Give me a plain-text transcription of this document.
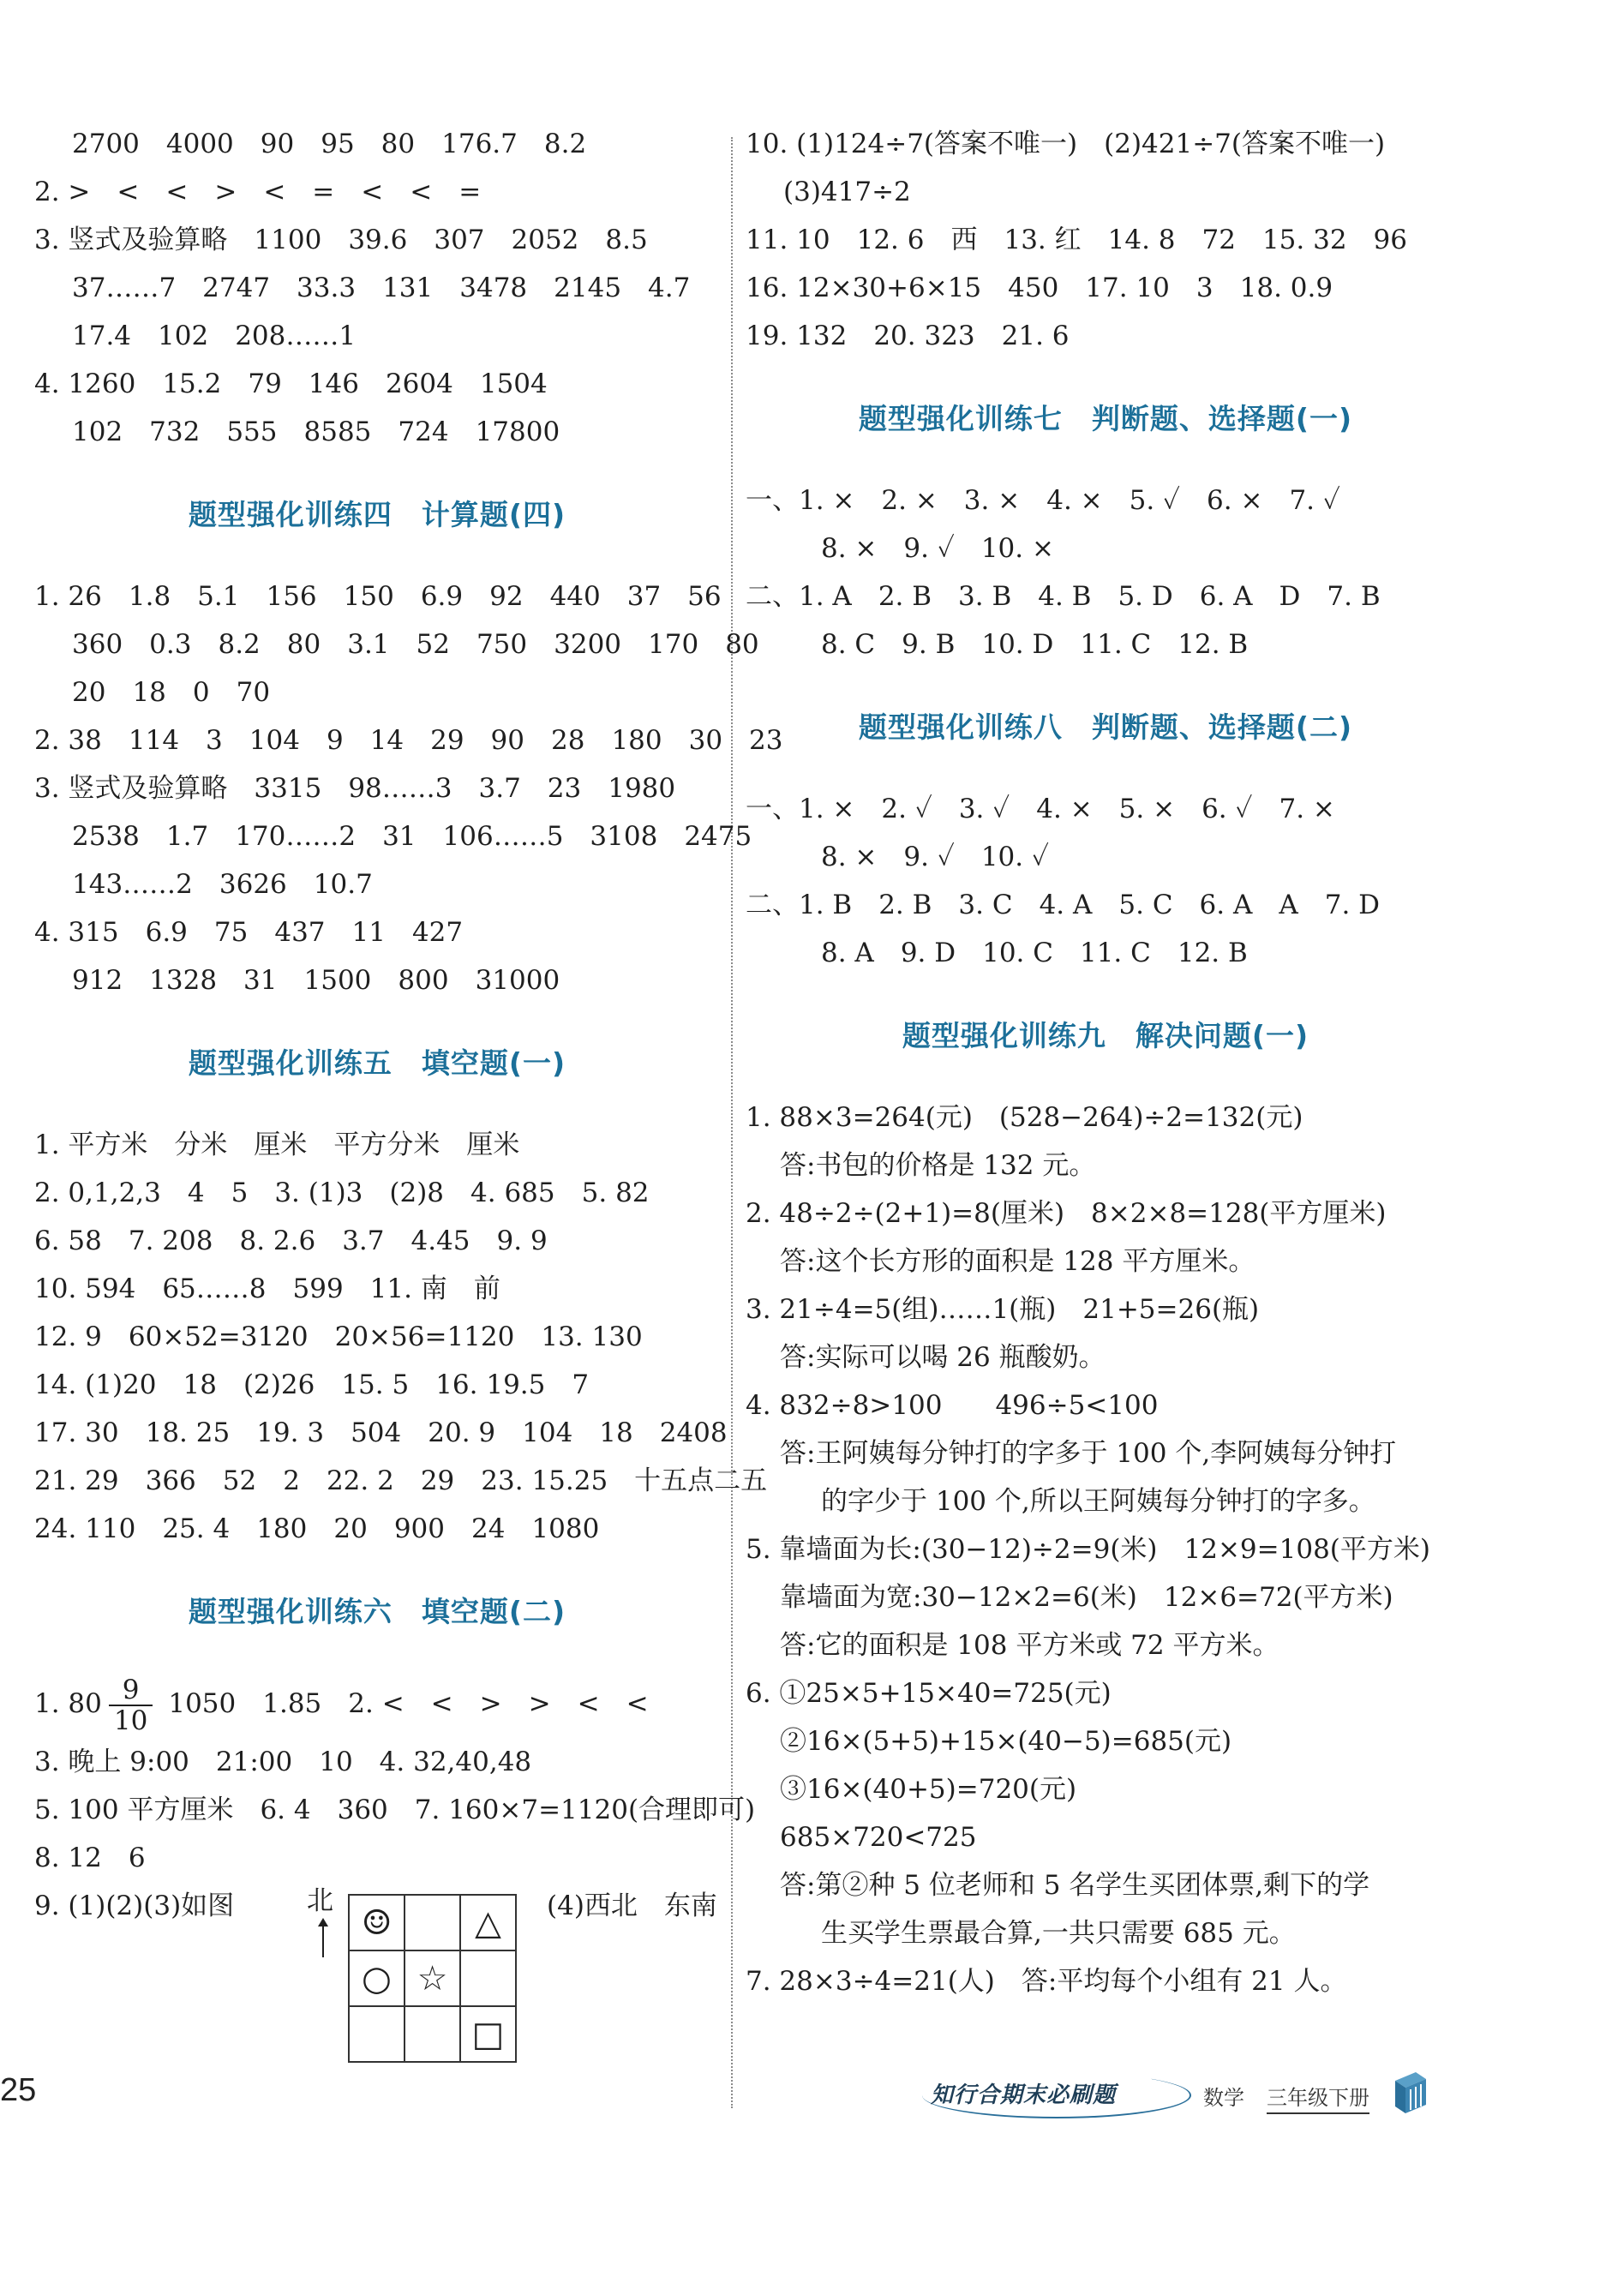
2700　4000　90　95　80　176.7　8.2
2. >　<　<　>　<　=　<　<　=
3. 竖式及验算略　1100　39.6　307　2052　8.5
37……7　2747　33.3　131　3478　2145　4.7
17.4　102　208……1
4. 1260　15.2　79　146　2604　1504
102　732　555　8585　724　17800
题型强化训练四　计算题(四)
1. 26　1.8　5.1　156　150　6.9　92　440　37　56
360　0.3　8.2　80　3.1　52　750　3200　170　80
20　18　0　70
2. 38　114　3　104　9　14　29　90　28　180　30　23
3. 竖式及验算略　3315　98……3　3.7　23　1980
2538　1.7　170……2　31　106……5　3108　2475
143……2　3626　10.7
4. 315　6.9　75　437　11　427
912　1328　31　1500　800　31000
题型强化训练五　填空题(一)
1. 平方米　分米　厘米　平方分米　厘米
2. 0,1,2,3　4　5　3. (1)3　(2)8　4. 685　5. 82
6. 58　7. 208　8. 2.6　3.7　4.45　9. 9
10. 594　65……8　599　11. 南　前
12. 9　60×52=3120　20×56=1120　13. 130
14. (1)20　18　(2)26　15. 5　16. 19.5　7
17. 30　18. 25　19. 3　504　20. 9　104　18　2408
21. 29　366　52　2　22. 2　29　23. 15.25　十五点二五
24. 110　25. 4　180　20　900　24　1080
题型强化训练六　填空题(二)
1. $80 \frac{9}{10} 1050$　1.85　2. <　<　>　>　<　<
3. 晚上 9:00　21:00　10　4. 32,40,48
5. 100 平方厘米　6. 4　360　7. 160×7=1120(合理即可)
8. 12　6
9. (1)(2)(3)如图	北
☺	△
○ ☆
□
(4)西北　东南
10. (1)124÷7(答案不唯一)　(2)421÷7(答案不唯一)
(3)417÷2
11. 10　12. 6　西　13. 红　14. 8　72　15. 32　96
16. 12×30+6×15　450　17. 10　3　18. 0.9
19. 132　20. 323　21. 6
题型强化训练七　判断题、选择题(一)
一、1. ×　2. ×　3. ×　4. ×　5. ✓　6. ×　7. ✓
8. ×　9. ✓　10. ×
二、1. A　2. B　3. B　4. B　5. D　6. A　D　7. B
8. C　9. B　10. D　11. C　12. B
题型强化训练八　判断题、选择题(二)
一、1. ×　2. ✓　3. ✓　4. ×　5. ×　6. ✓　7. ×
8. ×　9. ✓　10. ✓
二、1. B　2. B　3. C　4. A　5. C　6. A　A　7. D
8. A　9. D　10. C　11. C　12. B
题型强化训练九　解决问题(一)
1. 88×3=264(元)　(528−264)÷2=132(元)
答:书包的价格是 132 元。
2. 48÷2÷(2+1)=8(厘米)　8×2×8=128(平方厘米)
答:这个长方形的面积是 128 平方厘米。
3. 21÷4=5(组)……1(瓶)　21+5=26(瓶)
答:实际可以喝 26 瓶酸奶。
4. 832÷8>100　　496÷5<100
答:王阿姨每分钟打的字多于 100 个,李阿姨每分钟打
的字少于 100 个,所以王阿姨每分钟打的字多。
5. 靠墙面为长:(30−12)÷2=9(米)　12×9=108(平方米)
靠墙面为宽:30−12×2=6(米)　12×6=72(平方米)
答:它的面积是 108 平方米或 72 平方米。
6. ①25×5+15×40=725(元)
②16×(5+5)+15×(40−5)=685(元)
③16×(40+5)=720(元)
685×720<725
答:第②种 5 位老师和 5 名学生买团体票,剩下的学
生买学生票最合算,一共只需要 685 元。
7. 28×3÷4=21(人)　答:平均每个小组有 21 人。
25	知行合期末必刷题	数学 三年级下册
